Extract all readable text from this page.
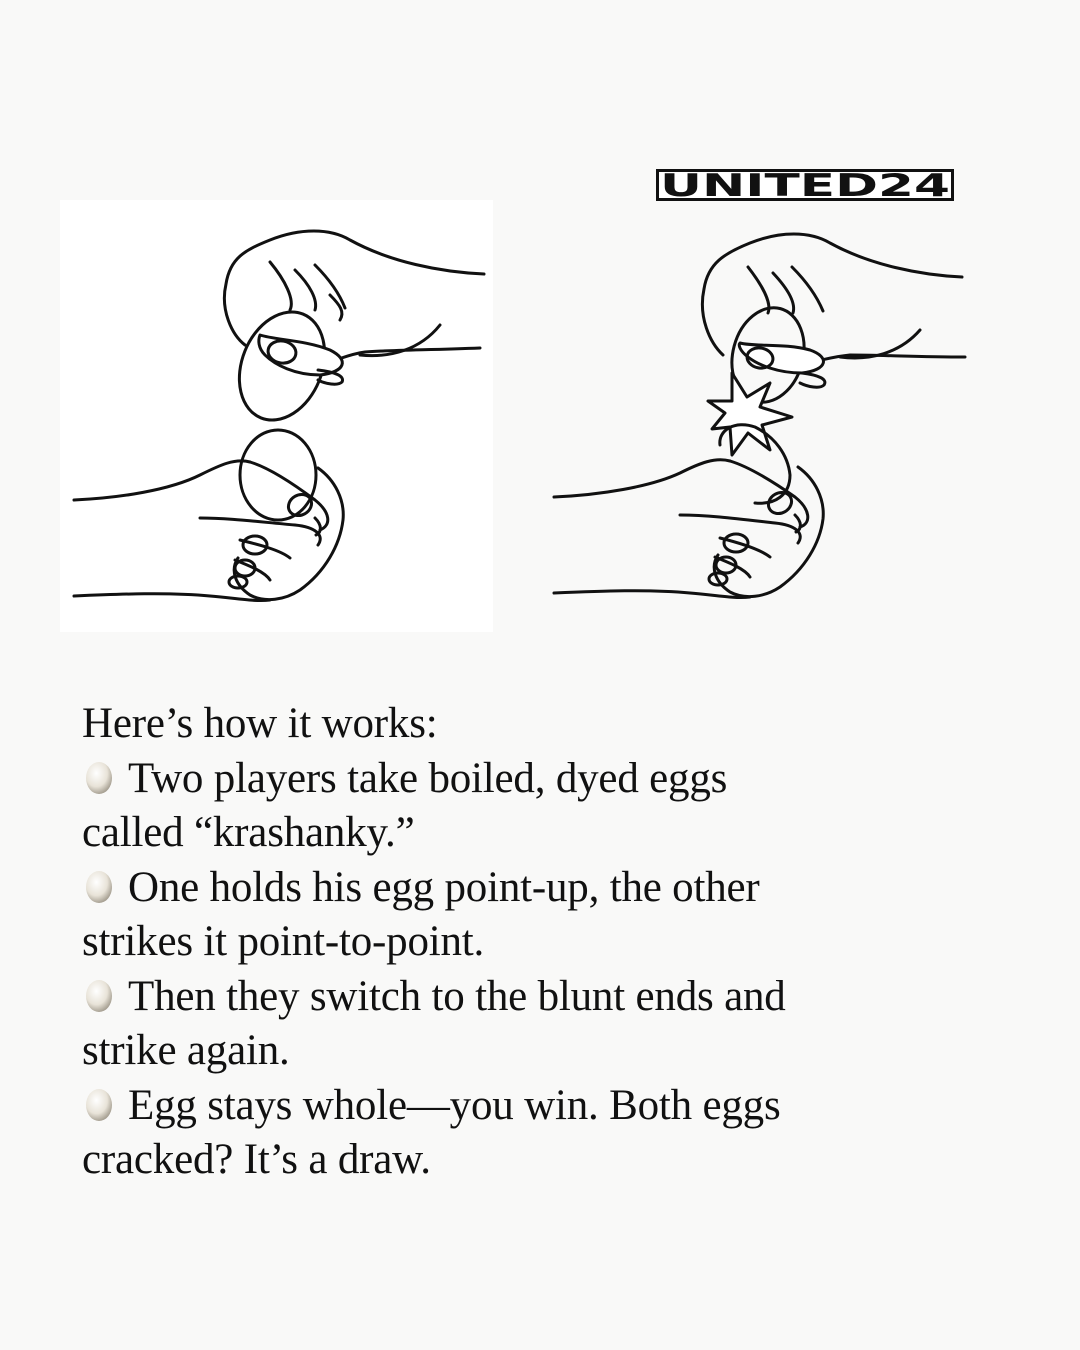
UNITED24
Here’s how it works:
Two players take boiled, dyed eggs
called “krashanky.”
One holds his egg point-up, the other
strikes it point-to-point.
Then they switch to the blunt ends and
strike again.
Egg stays whole—you win. Both eggs
cracked? It’s a draw.
